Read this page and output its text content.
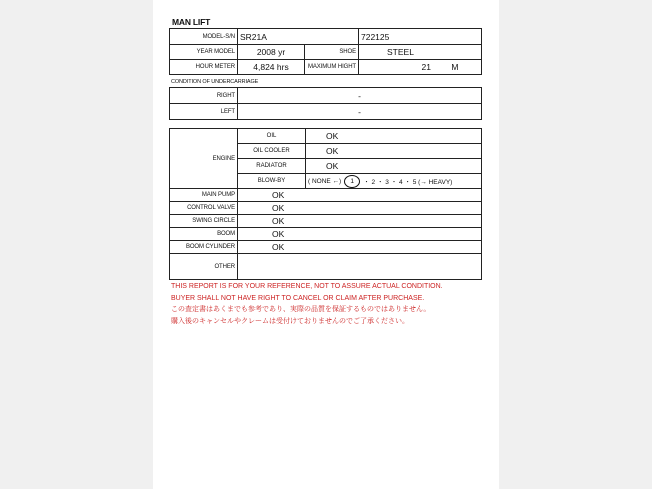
MAN LIFT
MODEL-S/N	SR21A		722125
YEAR MODEL	2008 yr	SHOE	STEEL
HOUR METER	4,824 hrs	MAXIMUM HIGHT	21 M
CONDITION OF UNDERCARRIAGE
RIGHT	-
LEFT	-
ENGINE	OIL	OK
	OIL COOLER	OK
	RADIATOR	OK
	BLOW-BY	( NONE ←) 1 ・ 2 ・ 3 ・ 4 ・ 5 (→ HEAVY)

MAIN PUMP	OK	
CONTROL VALVE	OK	
SWING CIRCLE	OK	
BOOM	OK	
BOOM CYLINDER	OK	
OTHER		
THIS REPORT IS FOR YOUR REFERENCE, NOT TO ASSURE ACTUAL CONDITION.
BUYER SHALL NOT HAVE RIGHT TO CANCEL OR CLAIM AFTER PURCHASE.
この査定書はあくまでも参考であり、実際の品質を保証するものではありません。
購入後のキャンセルやクレームは受付けておりませんのでご了承ください。
